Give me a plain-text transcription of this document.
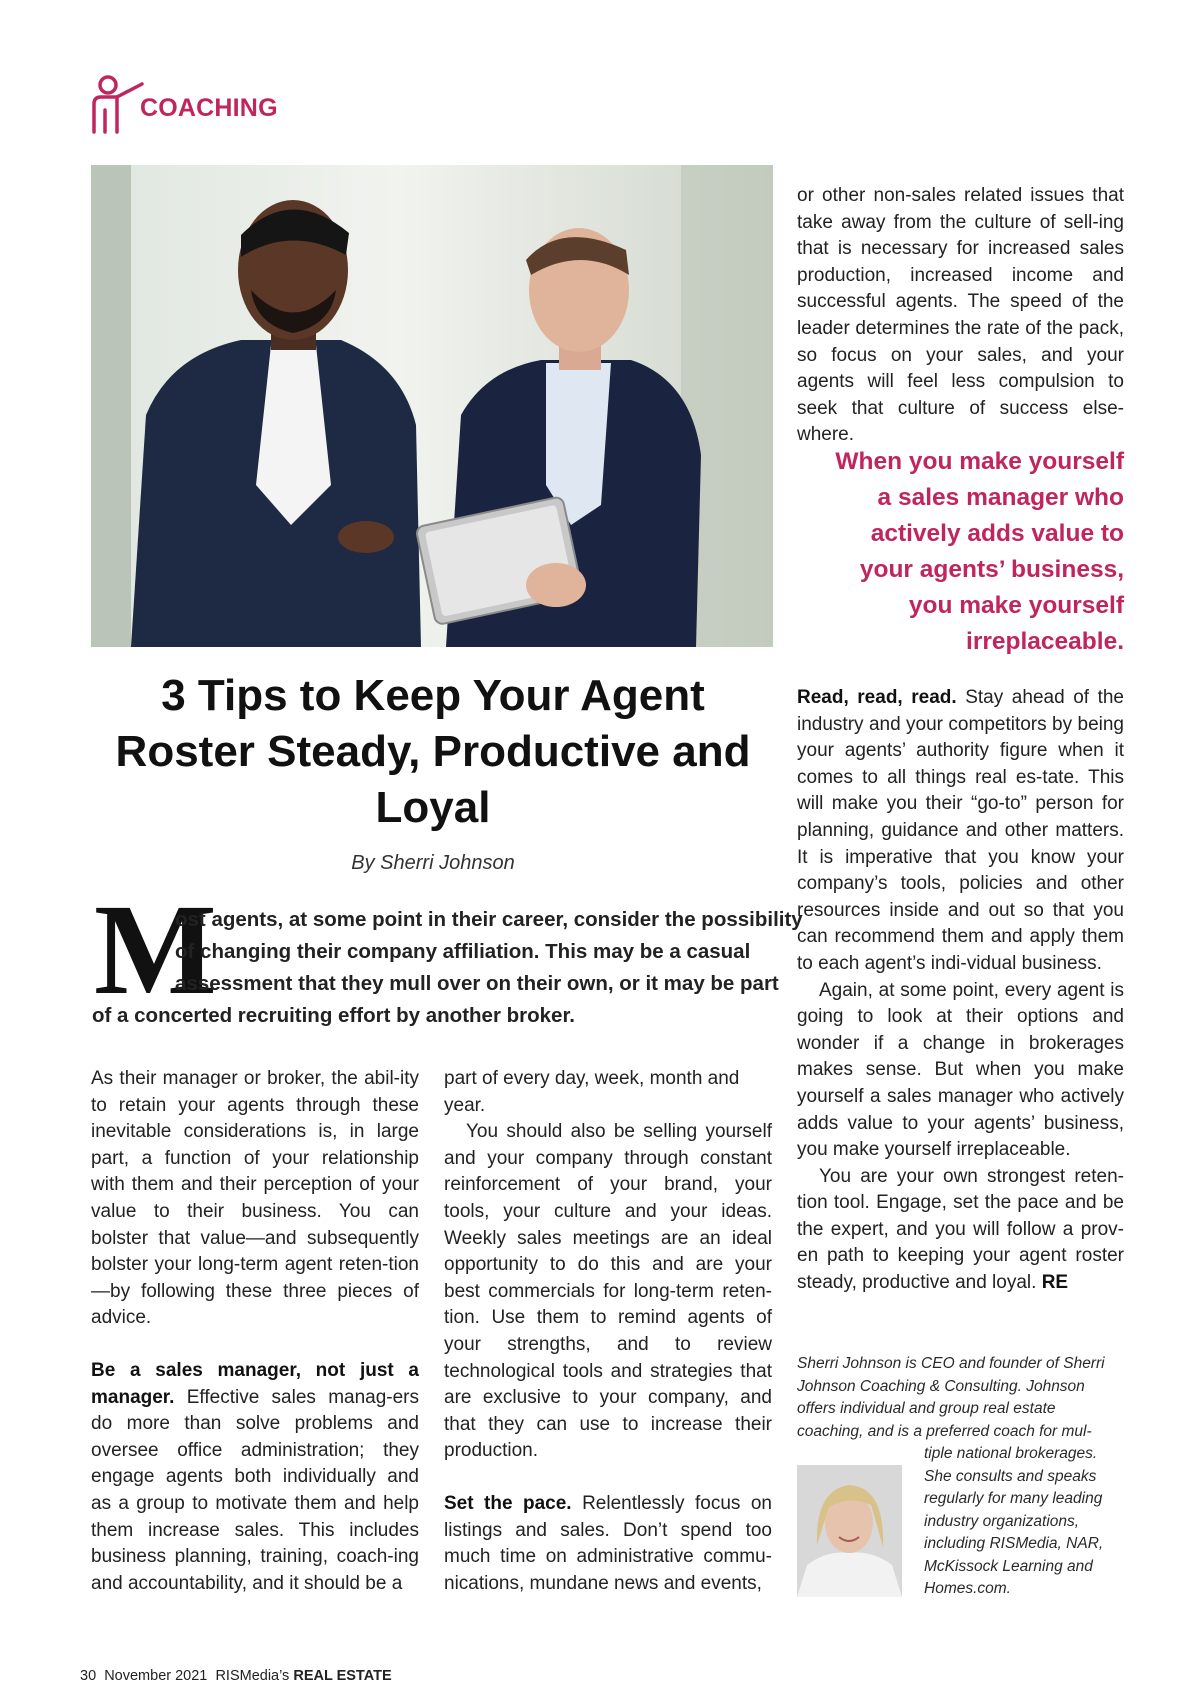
COACHING
3 Tips to Keep Your Agent Roster Steady, Productive and Loyal
By Sherri Johnson
M
ost agents, at some point in their career, consider the possibility
of changing their company affiliation. This may be a casual
assessment that they mull over on their own, or it may be part
of a concerted recruiting effort by another broker.

As their manager or broker, the abil-ity to retain your agents through these inevitable considerations is, in large part, a function of your relationship with them and their perception of your value to their business. You can bolster that value—and subsequently bolster your long-term agent reten-tion—by following these three pieces of advice.

Be a sales manager, not just a manager. Effective sales manag-ers do more than solve problems and oversee office administration; they engage agents both individually and as a group to motivate them and help them increase sales. This includes business planning, training, coach-ing and accountability, and it should be a

part of every day, week, month and year.

You should also be selling yourself and your company through constant reinforcement of your brand, your tools, your culture and your ideas. Weekly sales meetings are an ideal opportunity to do this and are your best commercials for long-term reten-tion. Use them to remind agents of your strengths, and to review technological tools and strategies that are exclusive to your company, and that they can use to increase their production.

Set the pace. Relentlessly focus on listings and sales. Don’t spend too much time on administrative commu-nications, mundane news and events,

When you make yourself
a sales manager who
actively adds value to
your agents’ business,
you make yourself
irreplaceable.

Read, read, read. Stay ahead of the industry and your competitors by being your agents’ authority figure when it comes to all things real es-tate. This will make you their “go-to” person for planning, guidance and other matters. It is imperative that you know your company’s tools, policies and other resources inside and out so that you can recommend them and apply them to each agent’s indi-vidual business.

Again, at some point, every agent is going to look at their options and wonder if a change in brokerages makes sense. But when you make yourself a sales manager who actively adds value to your agents’ business, you make yourself irreplaceable.

You are your own strongest reten-tion tool. Engage, set the pace and be the expert, and you will follow a prov-en path to keeping your agent roster steady, productive and loyal. RE

Sherri Johnson is CEO and founder of Sherri Johnson Coaching & Consulting. Johnson offers individual and group real estate coaching, and is a preferred coach for mul-
tiple national brokerages. She consults and speaks regularly for many leading industry organizations, including RISMedia, NAR, McKissock Learning and Homes.com.
30 November 2021 RISMedia’s REAL ESTATE

or other non-sales related issues that take away from the culture of sell-ing that is necessary for increased sales production, increased income and successful agents. The speed of the leader determines the rate of the pack, so focus on your sales, and your agents will feel less compulsion to seek that culture of success else-where.
